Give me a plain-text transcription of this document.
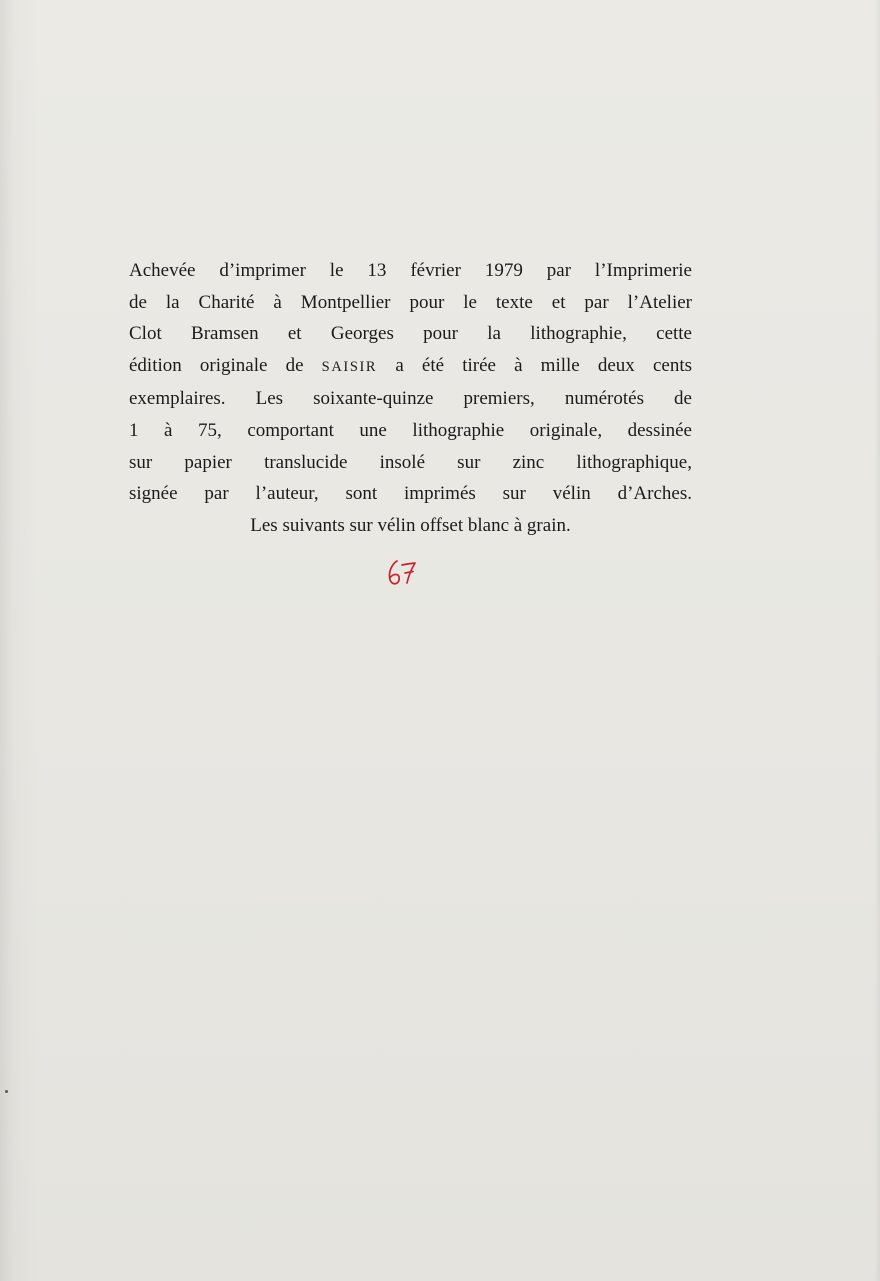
Achevée d’imprimer le 13 février 1979 par l’Imprimerie
de la Charité à Montpellier pour le texte et par l’Atelier
Clot Bramsen et Georges pour la lithographie, cette
édition originale de SAISIR a été tirée à mille deux cents
exemplaires. Les soixante-quinze premiers, numérotés de
1 à 75, comportant une lithographie originale, dessinée
sur papier translucide insolé sur zinc lithographique,
signée par l’auteur, sont imprimés sur vélin d’Arches.
Les suivants sur vélin offset blanc à grain.
